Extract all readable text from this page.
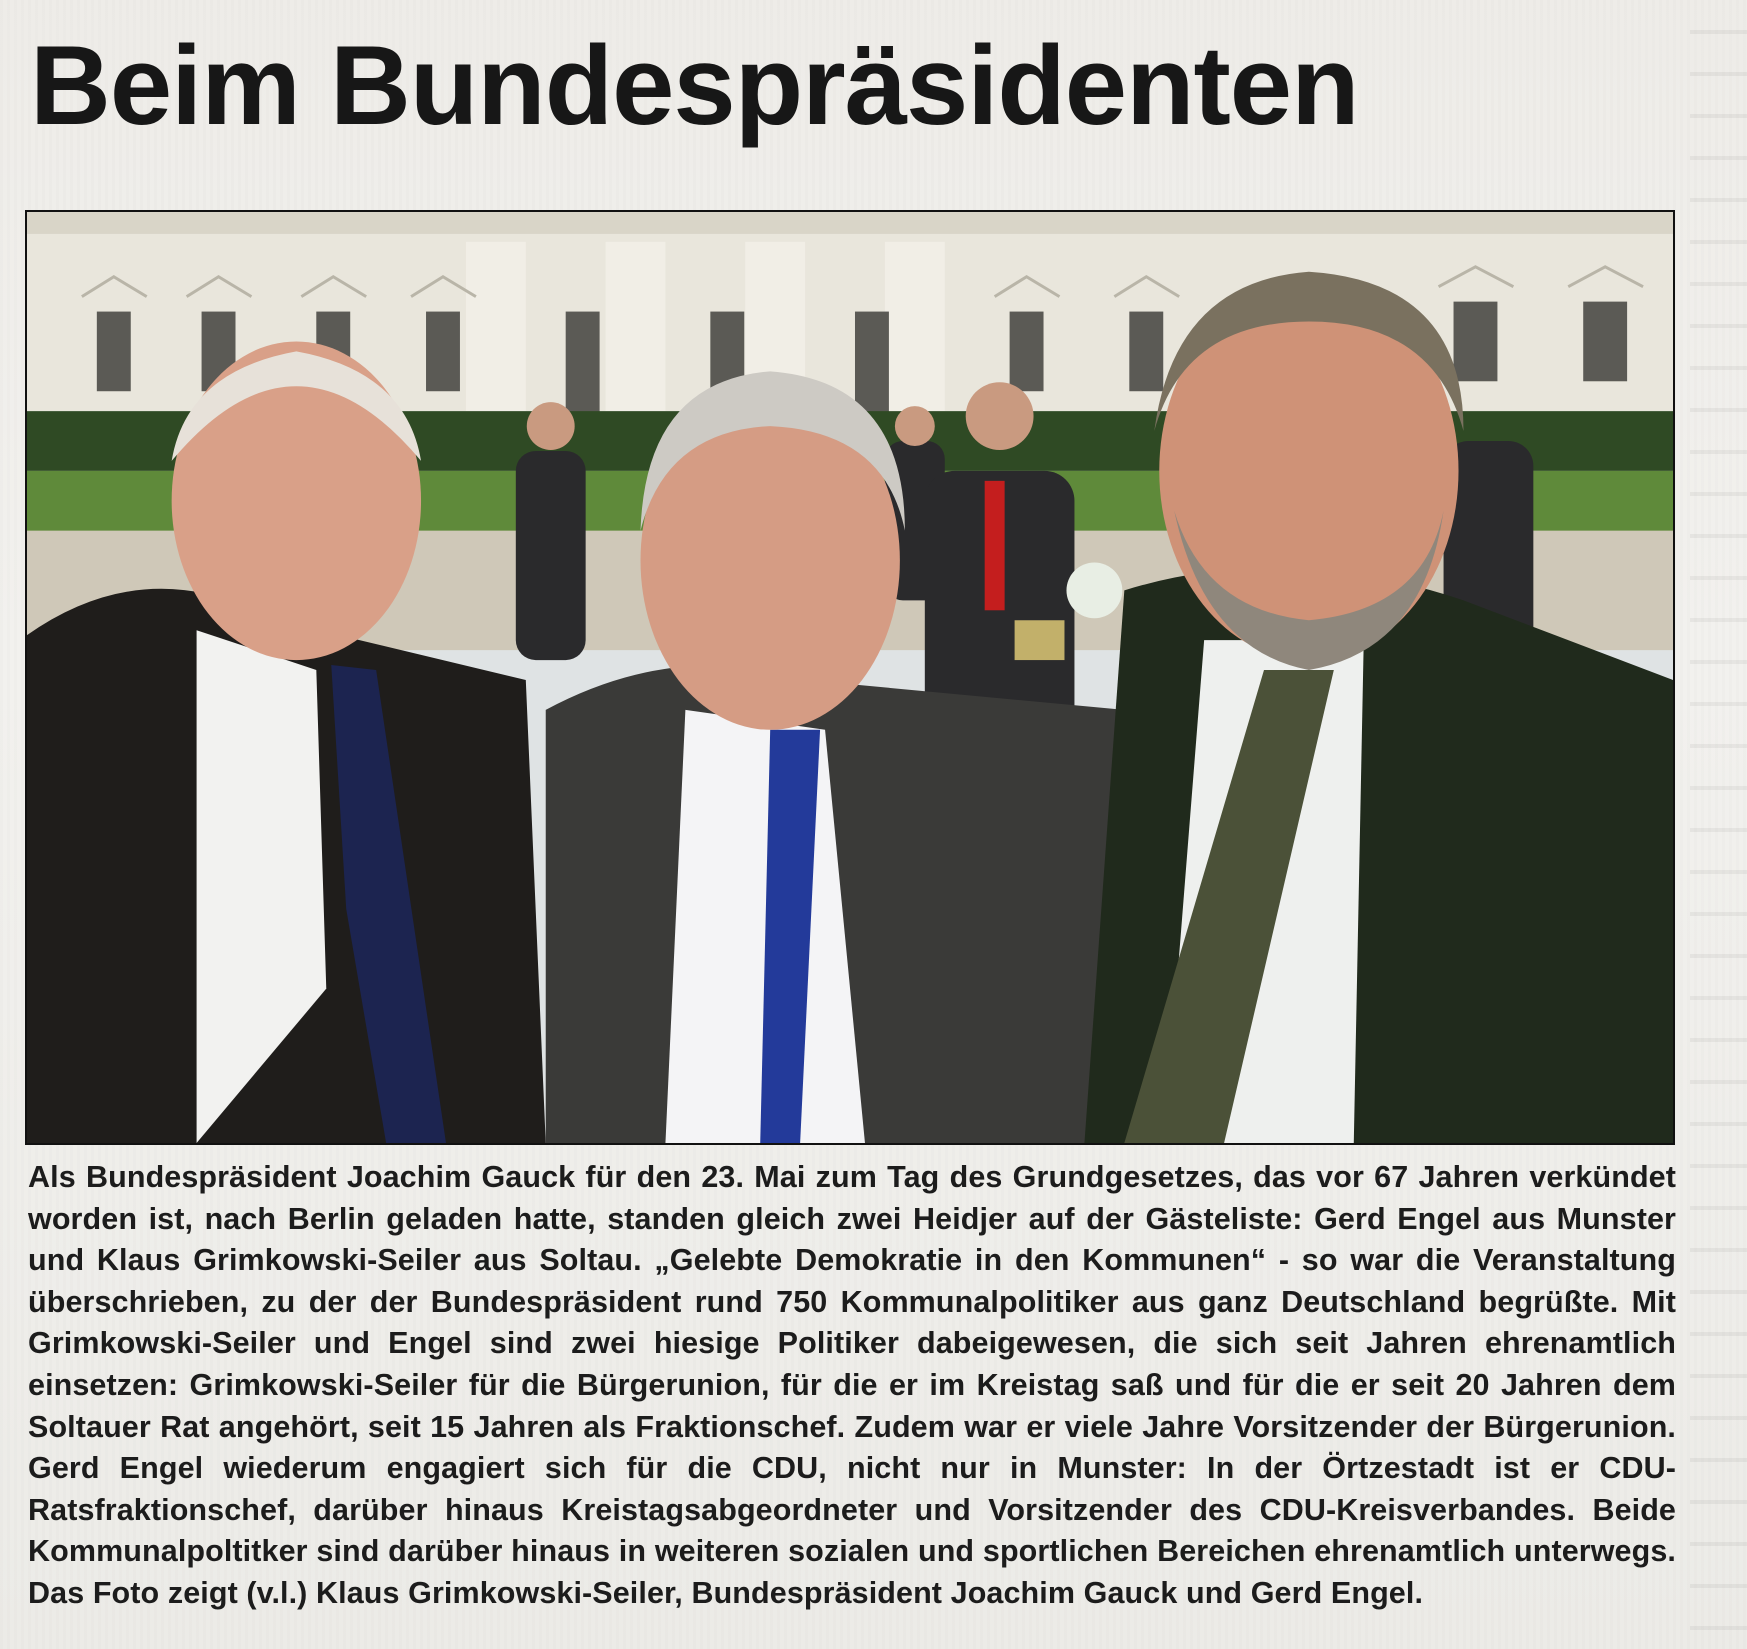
Beim Bundespräsidenten

Als Bundespräsident Joachim Gauck für den 23. Mai zum Tag des Grundgesetzes, das vor 67 Jahren verkündet worden ist, nach Berlin geladen hatte, standen gleich zwei Heidjer auf der Gästeliste: Gerd Engel aus Munster und Klaus Grimkowski-Seiler aus Soltau. „Gelebte Demokratie in den Kommunen“ - so war die Veranstaltung überschrieben, zu der der Bundespräsident rund 750 Kommunalpolitiker aus ganz Deutschland begrüßte. Mit Grimkowski-Seiler und Engel sind zwei hiesige Politiker dabeigewesen, die sich seit Jahren ehrenamtlich einsetzen: Grimkowski-Seiler für die Bürgerunion, für die er im Kreistag saß und für die er seit 20 Jahren dem Soltauer Rat angehört, seit 15 Jahren als Fraktionschef. Zudem war er viele Jahre Vorsitzender der Bürgerunion. Gerd Engel wiederum engagiert sich für die CDU, nicht nur in Munster: In der Örtzestadt ist er CDU-Ratsfraktionschef, darüber hinaus Kreistagsabgeordneter und Vorsitzender des CDU-Kreisverbandes. Beide Kommunalpoltitker sind darüber hinaus in weiteren sozialen und sportlichen Bereichen ehrenamtlich unterwegs. Das Foto zeigt (v.l.) Klaus Grimkowski-Seiler, Bundespräsident Joachim Gauck und Gerd Engel.
